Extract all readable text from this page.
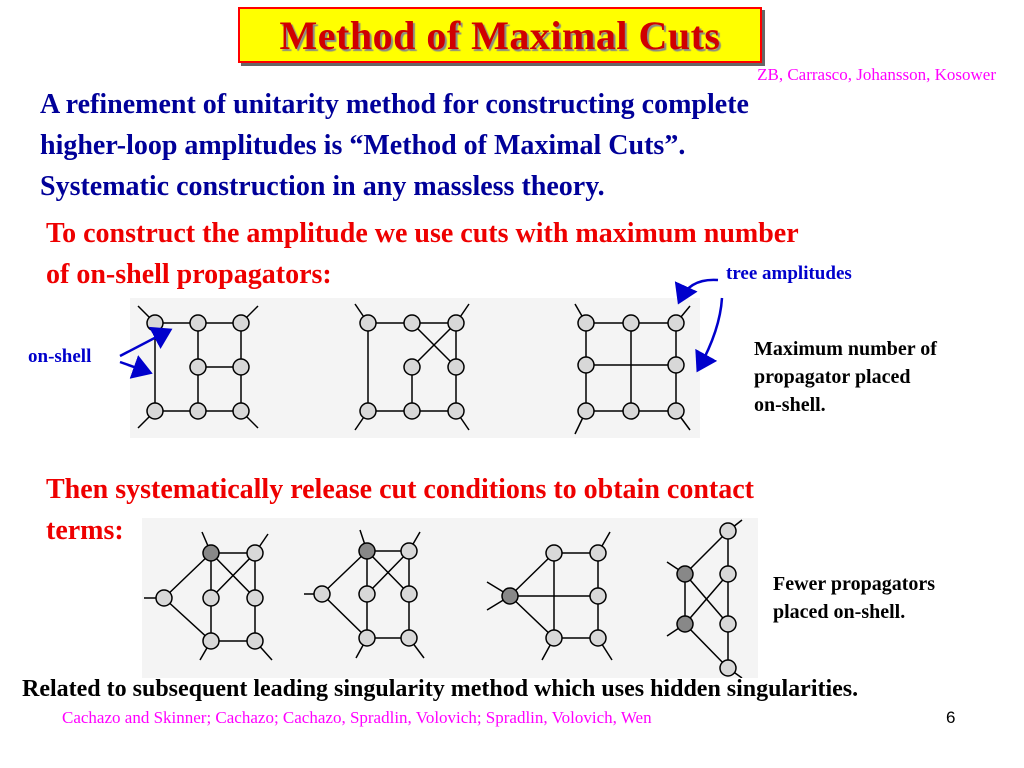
Method of Maximal Cuts
ZB, Carrasco, Johansson, Kosower
A refinement of unitarity method for constructing complete
higher-loop amplitudes is “Method of Maximal Cuts”.
Systematic construction in any massless theory.
To construct the amplitude we use cuts with maximum number
of on-shell propagators:	tree amplitudes
on-shell	Maximum number of
propagator placed
on-shell.
Then systematically release cut conditions to obtain contact
terms:
Fewer propagators
placed on-shell.
Related to subsequent leading singularity method which uses hidden singularities.
Cachazo and Skinner; Cachazo; Cachazo, Spradlin, Volovich; Spradlin, Volovich, Wen	6
